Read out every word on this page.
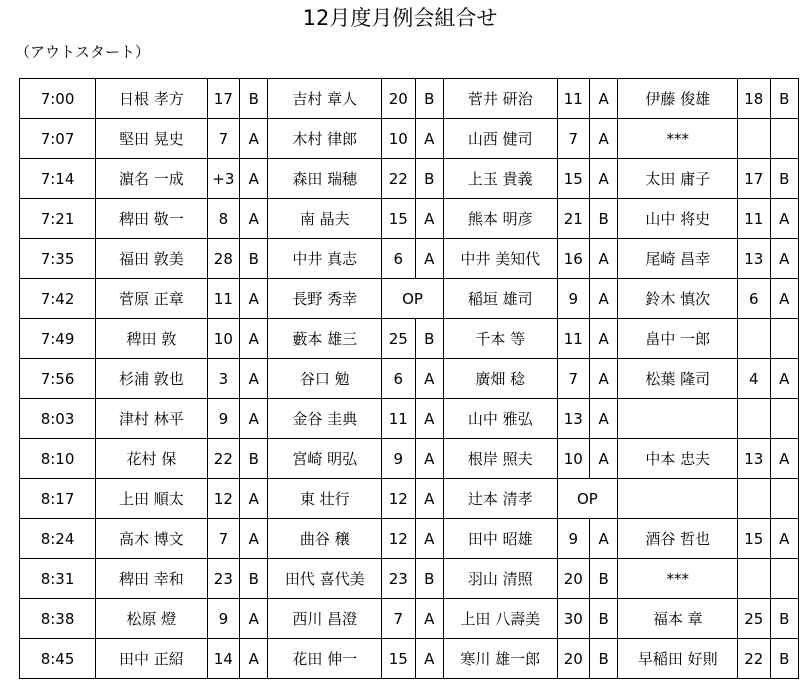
12月度月例会組合せ
（アウトスタート）
7:00	日根 孝方	17	B	吉村 章人	20	B	菅井 研治	11	A	伊藤 俊雄	18	B
7:07	堅田 晃史	7	A	木村 律郎	10	A	山西 健司	7	A	***		
7:14	濵名 一成	+3	A	森田 瑞穂	22	B	上玉 貴義	15	A	太田 庸子	17	B
7:21	稗田 敬一	8	A	南 晶夫	15	A	熊本 明彦	21	B	山中 将史	11	A
7:35	福田 敦美	28	B	中井 真志	6	A	中井 美知代	16	A	尾崎 昌幸	13	A
7:42	菅原 正章	11	A	長野 秀幸	OP		稲垣 雄司	9	A	鈴木 慎次	6	A
7:49	稗田 敦	10	A	藪本 雄三	25	B	千本 等	11	A	畠中 一郎		
7:56	杉浦 敦也	3	A	谷口 勉	6	A	廣畑 稔	7	A	松葉 隆司	4	A
8:03	津村 林平	9	A	金谷 圭典	11	A	山中 雅弘	13	A			
8:10	花村 保	22	B	宮崎 明弘	9	A	根岸 照夫	10	A	中本 忠夫	13	A
8:17	上田 順太	12	A	東 壮行	12	A	辻本 清孝	OP				
8:24	高木 博文	7	A	曲谷 穣	12	A	田中 昭雄	9	A	酒谷 哲也	15	A
8:31	稗田 幸和	23	B	田代 喜代美	23	B	羽山 清照	20	B	***		
8:38	松原 燈	9	A	西川 昌澄	7	A	上田 八壽美	30	B	福本 章	25	B
8:45	田中 正紹	14	A	花田 伸一	15	A	寒川 雄一郎	20	B	早稲田 好則	22	B
